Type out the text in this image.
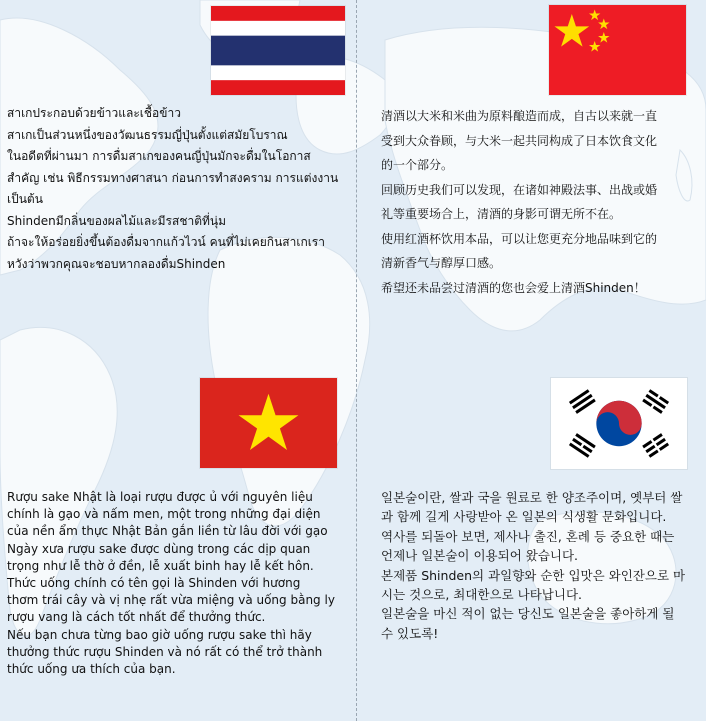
สาเกประกอบด้วยข้าวและเชื้อข้าว

สาเกเป็นส่วนหนึ่งของวัฒนธรรมญี่ปุ่นตั้งแต่สมัยโบราณ

ในอดีตที่ผ่านมา การดื่มสาเกของคนญี่ปุ่นมักจะดื่มในโอกาส

สำคัญ เช่น พิธีกรรมทางศาสนา ก่อนการทำสงคราม การแต่งงาน

เป็นต้น

Shindenมีกลิ่นของผลไม้และมีรสชาติที่นุ่ม

ถ้าจะให้อร่อยยิ่งขึ้นต้องดื่มจากแก้วไวน์ คนที่ไม่เคยกินสาเกเรา

หวังว่าพวกคุณจะชอบหากลองดื่มShinden

清酒以大米和米曲为原料酿造而成，自古以来就一直

受到大众眷顾，与大米一起共同构成了日本饮食文化

的一个部分。

回顾历史我们可以发现，在诸如神殿法事、出战或婚

礼等重要场合上，清酒的身影可谓无所不在。

使用红酒杯饮用本品，可以让您更充分地品味到它的

清新香气与醇厚口感。

希望还未品尝过清酒的您也会爱上清酒Shinden！

Rượu sake Nhật là loại rượu được ủ với nguyên liệu

chính là gạo và nấm men, một trong những đại diện

của nền ẩm thực Nhật Bản gắn liền từ lâu đời với gạo

Ngày xưa rượu sake được dùng trong các dịp quan

trọng như lễ thờ ở đền, lễ xuất binh hay lễ kết hôn.

Thức uống chính có tên gọi là Shinden với hương

thơm trái cây và vị nhẹ rất vừa miệng và uống bằng ly

rượu vang là cách tốt nhất để thưởng thức.

Nếu bạn chưa từng bao giờ uống rượu sake thì hãy

thưởng thức rượu Shinden và nó rất có thể trở thành

thức uống ưa thích của bạn.

일본술이란, 쌀과 국을 원료로 한 양조주이며, 옛부터 쌀

과 함께 길게 사랑받아 온 일본의 식생활 문화입니다.

역사를 되돌아 보면, 제사나 출진, 혼례 등 중요한 때는

언제나 일본술이 이용되어 왔습니다.

본제품 Shinden의 과일향와 순한 입맛은 와인잔으로 마

시는 것으로, 최대한으로 나타납니다.

일본술을 마신 적이 없는 당신도 일본술을 좋아하게 될

수 있도록!
